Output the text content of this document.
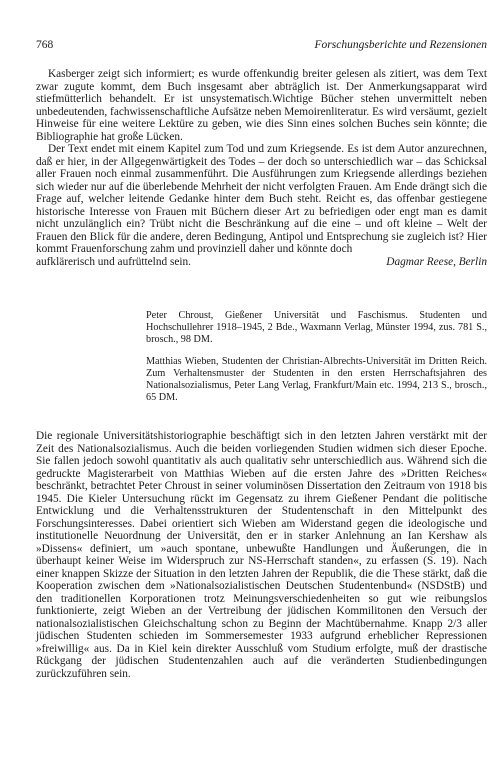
768	Forschungsberichte und Rezensionen

Kasberger zeigt sich informiert; es wurde offenkundig breiter gelesen als zitiert, was dem Text zwar zugute kommt, dem Buch insgesamt aber abträglich ist. Der Anmerkungsapparat wird stiefmütterlich behandelt. Er ist unsystematisch.Wichtige Bücher stehen unvermittelt neben unbedeutenden, fachwissenschaftliche Aufsätze neben Memoirenliteratur. Es wird versäumt, gezielt Hinweise für eine weitere Lektüre zu geben, wie dies Sinn eines solchen Buches sein könnte; die Bibliographie hat große Lücken.

Der Text endet mit einem Kapitel zum Tod und zum Kriegsende. Es ist dem Autor anzurechnen, daß er hier, in der Allgegenwärtigkeit des Todes – der doch so unterschiedlich war – das Schicksal aller Frauen noch einmal zusammenführt. Die Ausführungen zum Kriegsende allerdings beziehen sich wieder nur auf die überlebende Mehrheit der nicht verfolgten Frauen. Am Ende drängt sich die Frage auf, welcher leitende Gedanke hinter dem Buch steht. Reicht es, das offenbar gestiegene historische Interesse von Frauen mit Büchern dieser Art zu befriedigen oder engt man es damit nicht unzulänglich ein? Trübt nicht die Beschränkung auf die eine – und oft kleine – Welt der Frauen den Blick für die andere, deren Bedingung, Antipol und Entsprechung sie zugleich ist? Hier kommt Frauenforschung zahm und provinziell daher und könnte doch

aufklärerisch und aufrüttelnd sein.	Dagmar Reese, Berlin

Peter Chroust, Gießener Universität und Faschismus. Studenten und Hochschullehrer 1918–1945, 2 Bde., Waxmann Verlag, Münster 1994, zus. 781 S., brosch., 98 DM.

Matthias Wieben, Studenten der Christian-Albrechts-Universität im Dritten Reich. Zum Verhaltensmuster der Studenten in den ersten Herrschaftsjahren des Nationalsozialismus, Peter Lang Verlag, Frankfurt/Main etc. 1994, 213 S., brosch., 65 DM.

Die regionale Universitätshistoriographie beschäftigt sich in den letzten Jahren verstärkt mit der Zeit des Nationalsozialismus. Auch die beiden vorliegenden Studien widmen sich dieser Epoche. Sie fallen jedoch sowohl quantitativ als auch qualitativ sehr unterschiedlich aus. Während sich die gedruckte Magisterarbeit von Matthias Wieben auf die ersten Jahre des »Dritten Reiches« beschränkt, betrachtet Peter Chroust in seiner voluminösen Dissertation den Zeitraum von 1918 bis 1945. Die Kieler Untersuchung rückt im Gegensatz zu ihrem Gießener Pendant die politische Entwicklung und die Verhaltensstrukturen der Studentenschaft in den Mittelpunkt des Forschungsinteresses. Dabei orientiert sich Wieben am Widerstand gegen die ideologische und institutionelle Neuordnung der Universität, den er in starker Anlehnung an Ian Kershaw als »Dissens« definiert, um »auch spontane, unbewußte Handlungen und Äußerungen, die in überhaupt keiner Weise im Widerspruch zur NS-Herrschaft standen«, zu erfassen (S. 19). Nach einer knappen Skizze der Situation in den letzten Jahren der Republik, die die These stärkt, daß die Kooperation zwischen dem »Nationalsozialistischen Deutschen Studentenbund« (NSDStB) und den traditionellen Korporationen trotz Meinungsverschiedenheiten so gut wie reibungslos funktionierte, zeigt Wieben an der Vertreibung der jüdischen Kommilitonen den Versuch der nationalsozialistischen Gleichschaltung schon zu Beginn der Machtübernahme. Knapp 2/3 aller jüdischen Studenten schieden im Sommersemester 1933 aufgrund erheblicher Repressionen »freiwillig« aus. Da in Kiel kein direkter Ausschluß vom Studium erfolgte, muß der drastische Rückgang der jüdischen Studentenzahlen auch auf die veränderten Studienbedingungen zurückzuführen sein.
